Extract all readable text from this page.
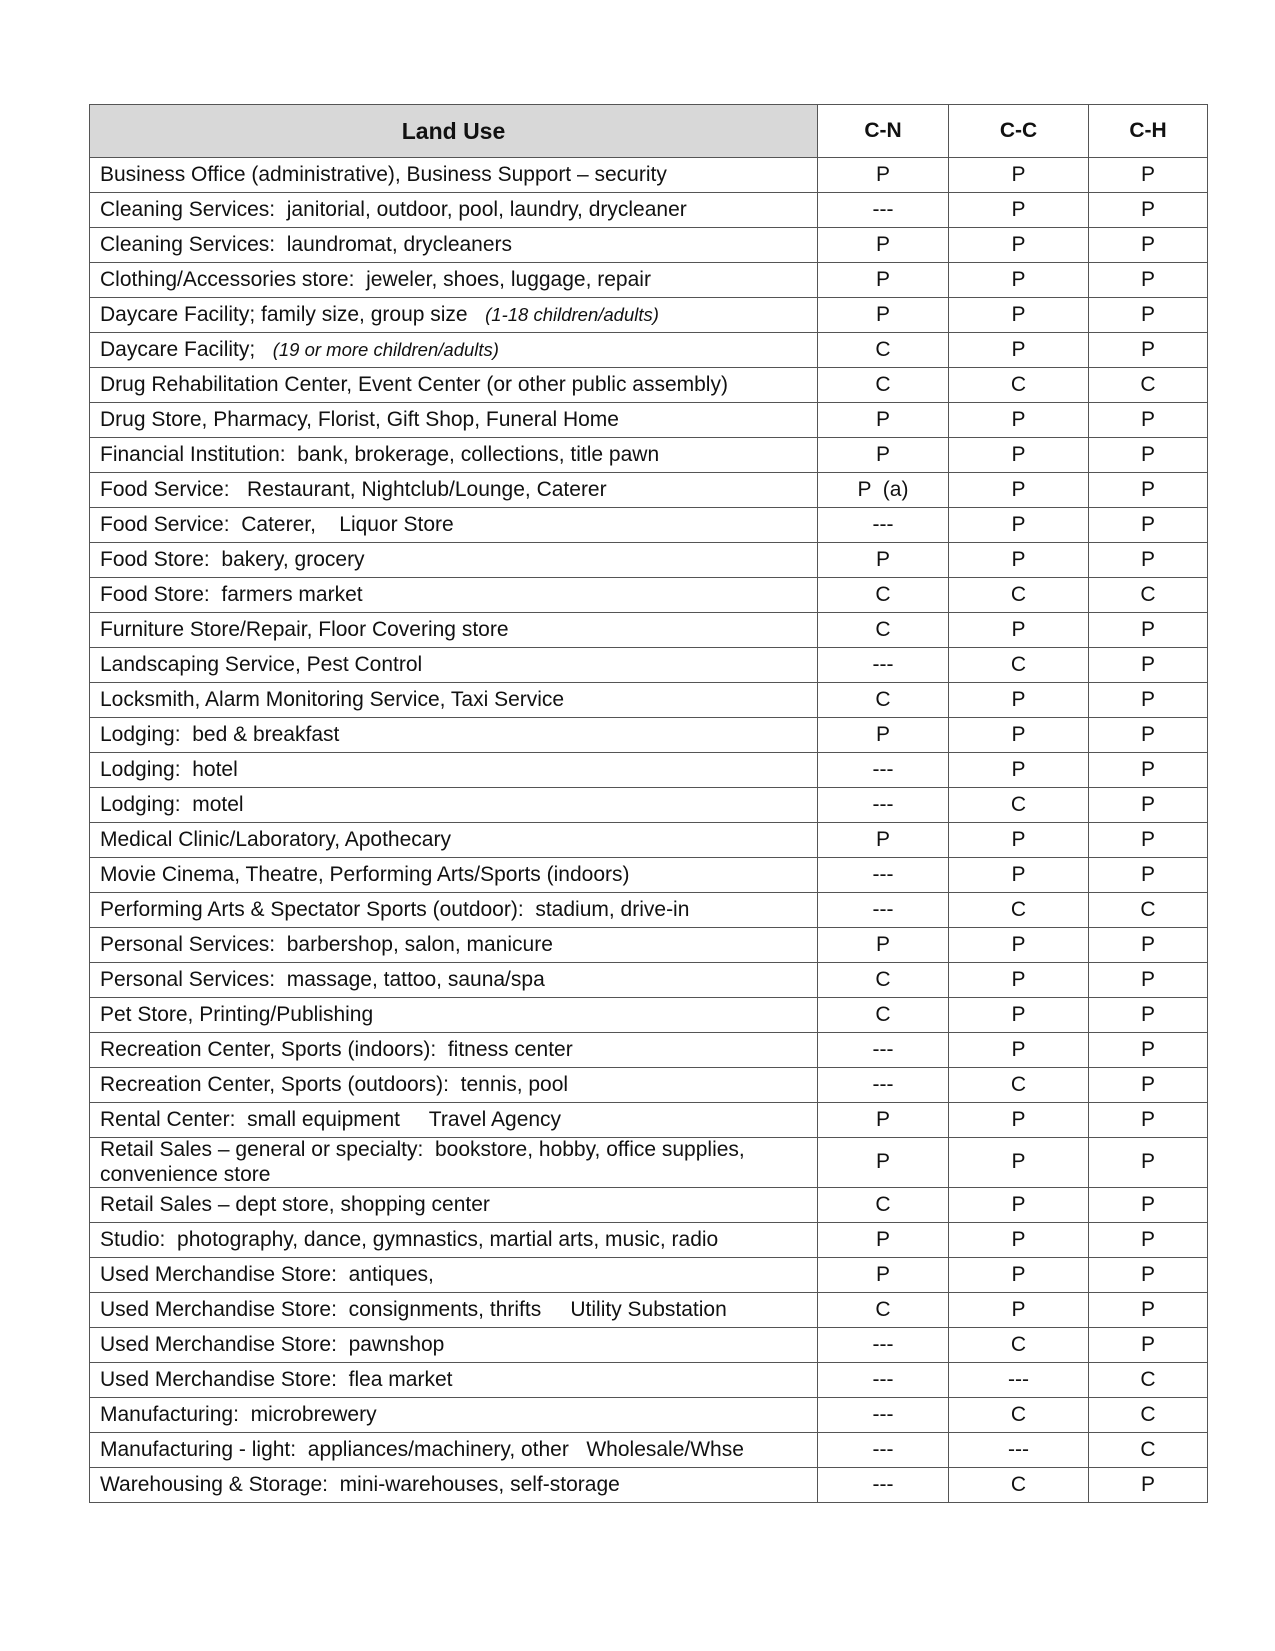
Land Use	C-N	C-C	C-H
Business Office (administrative), Business Support – security	P	P	P
Cleaning Services:  janitorial, outdoor, pool, laundry, drycleaner	---	P	P
Cleaning Services:  laundromat, drycleaners	P	P	P
Clothing/Accessories store:  jeweler, shoes, luggage, repair	P	P	P
Daycare Facility; family size, group size (1-18 children/adults)	P	P	P
Daycare Facility; (19 or more children/adults)	C	P	P
Drug Rehabilitation Center, Event Center (or other public assembly)	C	C	C
Drug Store, Pharmacy, Florist, Gift Shop, Funeral Home	P	P	P
Financial Institution:  bank, brokerage, collections, title pawn	P	P	P
Food Service:   Restaurant, Nightclub/Lounge, Caterer	P  (a)	P	P
Food Service:  Caterer,    Liquor Store	---	P	P
Food Store:  bakery, grocery	P	P	P
Food Store:  farmers market	C	C	C
Furniture Store/Repair, Floor Covering store	C	P	P
Landscaping Service, Pest Control	---	C	P
Locksmith, Alarm Monitoring Service, Taxi Service	C	P	P
Lodging:  bed & breakfast	P	P	P
Lodging:  hotel	---	P	P
Lodging:  motel	---	C	P
Medical Clinic/Laboratory, Apothecary	P	P	P
Movie Cinema, Theatre, Performing Arts/Sports (indoors)	---	P	P
Performing Arts & Spectator Sports (outdoor):  stadium, drive-in	---	C	C
Personal Services:  barbershop, salon, manicure	P	P	P
Personal Services:  massage, tattoo, sauna/spa	C	P	P
Pet Store, Printing/Publishing	C	P	P
Recreation Center, Sports (indoors):  fitness center	---	P	P
Recreation Center, Sports (outdoors):  tennis, pool	---	C	P
Rental Center:  small equipment     Travel Agency	P	P	P
Retail Sales – general or specialty:  bookstore, hobby, office supplies, convenience store	P	P	P
Retail Sales – dept store, shopping center	C	P	P
Studio:  photography, dance, gymnastics, martial arts, music, radio	P	P	P
Used Merchandise Store:  antiques,	P	P	P
Used Merchandise Store:  consignments, thrifts     Utility Substation	C	P	P
Used Merchandise Store:  pawnshop	---	C	P
Used Merchandise Store:  flea market	---	---	C
Manufacturing:  microbrewery	---	C	C
Manufacturing - light:  appliances/machinery, other   Wholesale/Whse	---	---	C
Warehousing & Storage:  mini-warehouses, self-storage	---	C	P
